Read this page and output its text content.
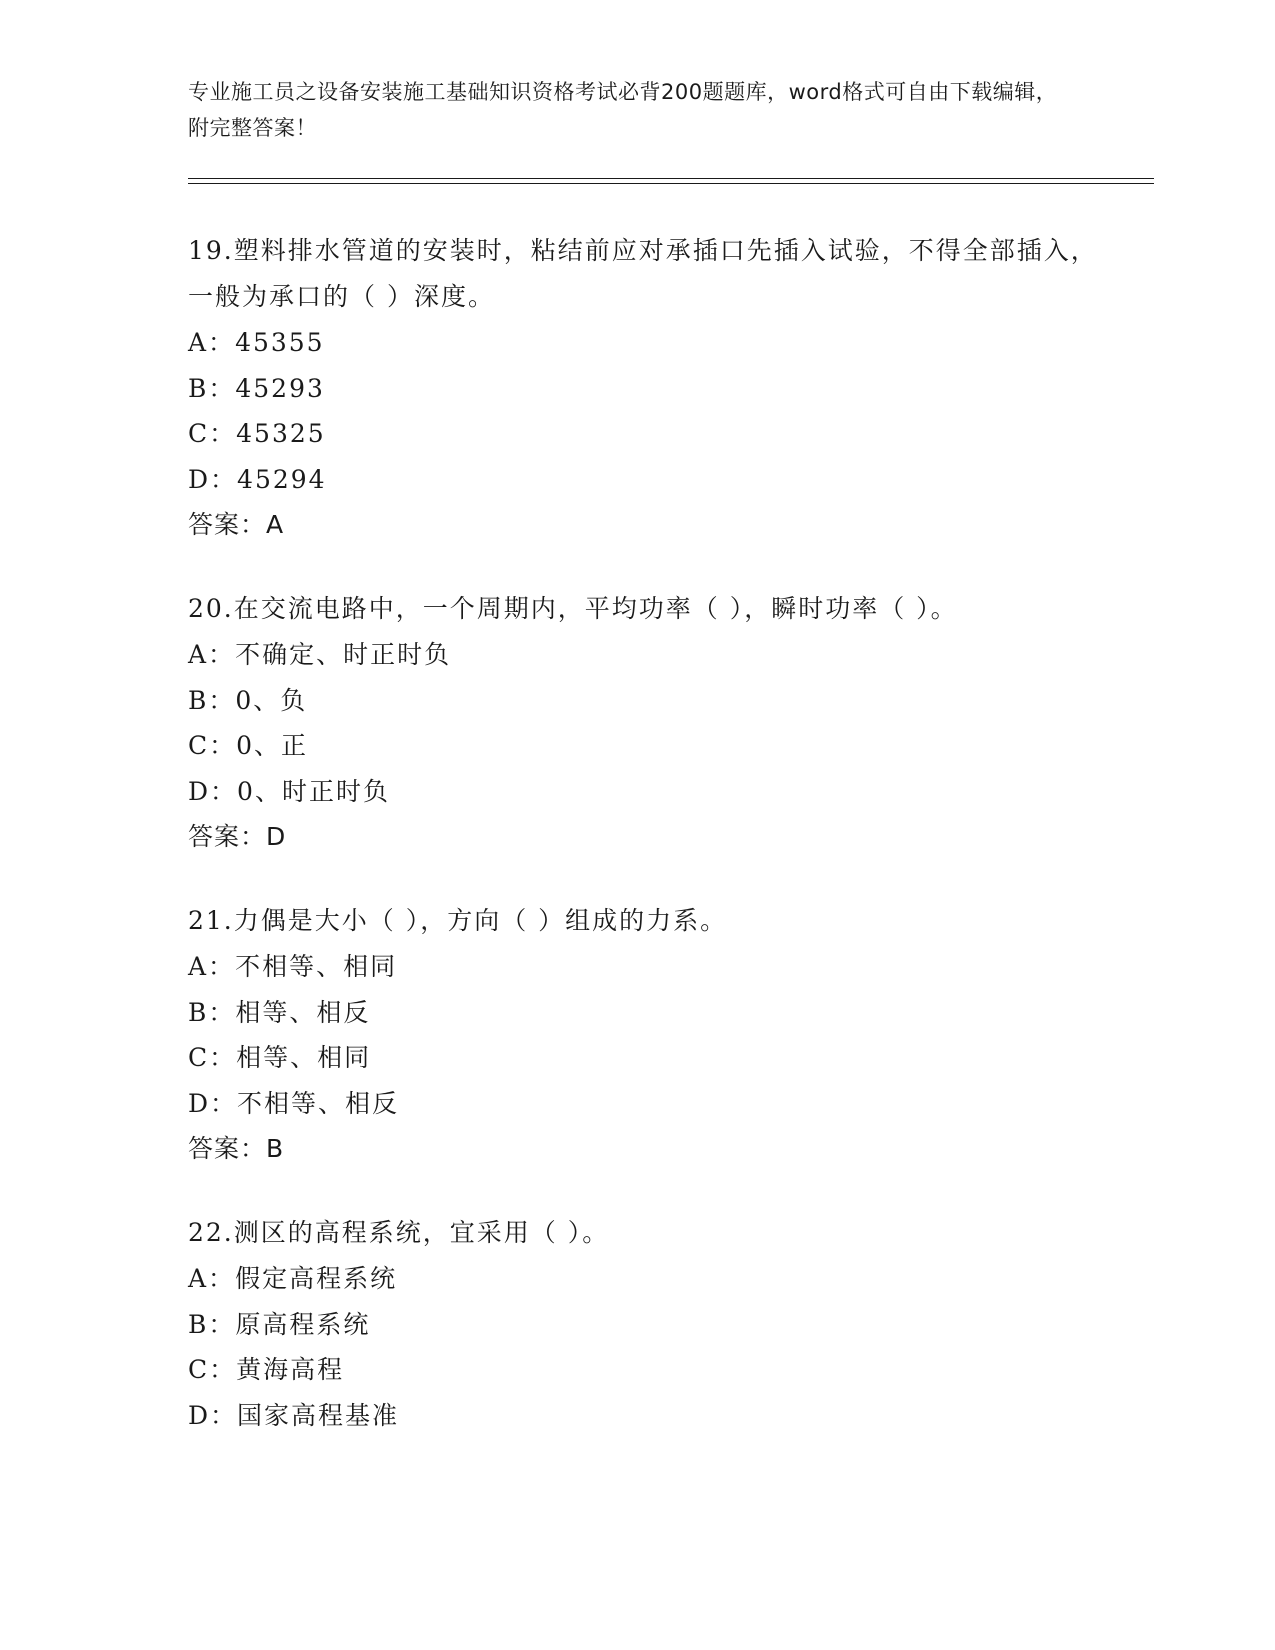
专业施工员之设备安装施工基础知识资格考试必背200题题库，word格式可自由下载编辑，附完整答案！
19.塑料排水管道的安装时，粘结前应对承插口先插入试验，不得全部插入，一般为承口的（ ）深度。
A： 45355
B： 45293
C： 45325
D： 45294
答案：A
20.在交流电路中，一个周期内，平均功率（ ），瞬时功率（ ）。
A： 不确定、时正时负
B： 0、负
C： 0、正
D： 0、时正时负
答案：D
21.力偶是大小（ ），方向（ ）组成的力系。
A： 不相等、相同
B： 相等、相反
C： 相等、相同
D： 不相等、相反
答案：B
22.测区的高程系统，宜采用（ ）。
A： 假定高程系统
B： 原高程系统
C： 黄海高程
D： 国家高程基准
